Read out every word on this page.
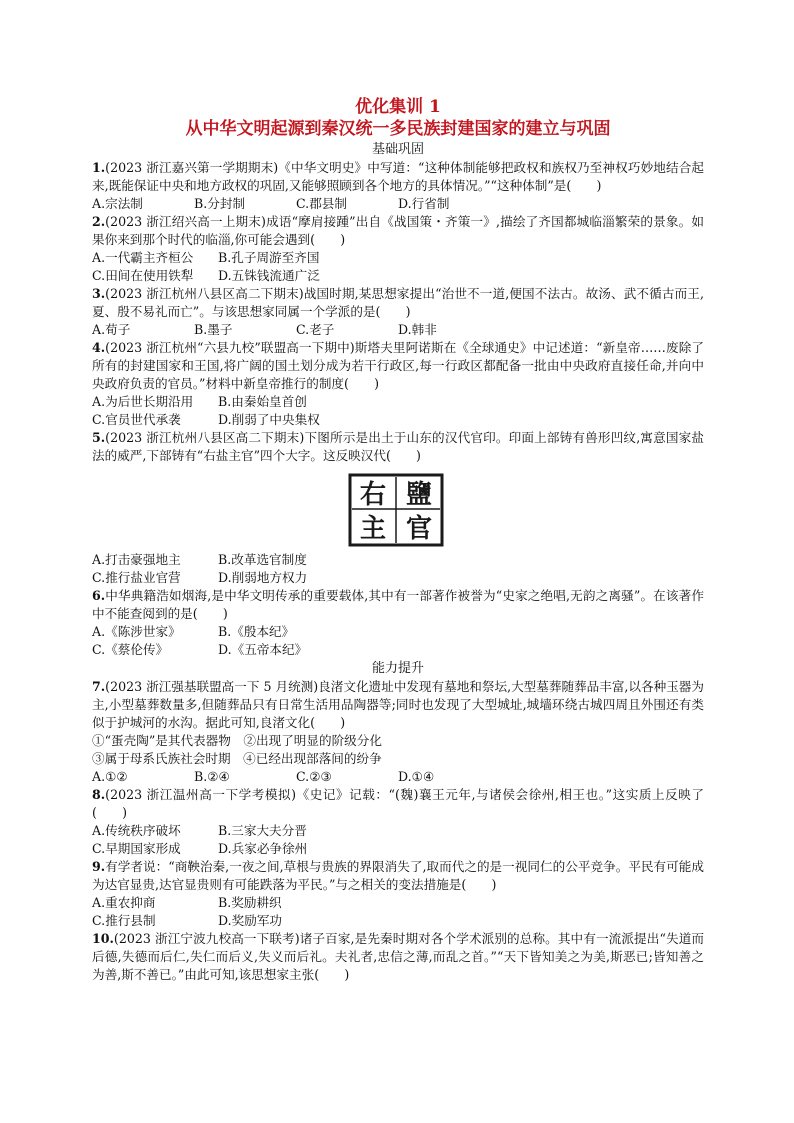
优化集训 1
从中华文明起源到秦汉统一多民族封建国家的建立与巩固
基础巩固
1.(2023 浙江嘉兴第一学期期末)《中华文明史》中写道：“这种体制能够把政权和族权乃至神权巧妙地结合起来,既能保证中央和地方政权的巩固,又能够照顾到各个地方的具体情况。”“这种体制”是(　　)
A.宗法制	B.分封制	C.郡县制	D.行省制
2.(2023 浙江绍兴高一上期末)成语“摩肩接踵”出自《战国策・齐策一》,描绘了齐国都城临淄繁荣的景象。如果你来到那个时代的临淄,你可能会遇到(　　)
A.一代霸主齐桓公	B.孔子周游至齐国
C.田间在使用铁犁	D.五铢钱流通广泛
3.(2023 浙江杭州八县区高二下期末)战国时期,某思想家提出“治世不一道,便国不法古。故汤、武不循古而王,夏、殷不易礼而亡”。与该思想家同属一个学派的是(　　)
A.荀子	B.墨子	C.老子	D.韩非
4.(2023 浙江杭州“六县九校”联盟高一下期中)斯塔夫里阿诺斯在《全球通史》中记述道：“新皇帝……废除了所有的封建国家和王国,将广阔的国土划分成为若干行政区,每一行政区都配备一批由中央政府直接任命,并向中央政府负责的官员。”材料中新皇帝推行的制度(　　)
A.为后世长期沿用	B.由秦始皇首创
C.官员世代承袭	D.削弱了中央集权
5.(2023 浙江杭州八县区高二下期末)下图所示是出土于山东的汉代官印。印面上部铸有兽形凹纹,寓意国家盐法的威严,下部铸有“右盐主官”四个大字。这反映汉代(　　)
右 鹽
主 官
A.打击豪强地主	B.改革选官制度
C.推行盐业官营	D.削弱地方权力
6.中华典籍浩如烟海,是中华文明传承的重要载体,其中有一部著作被誉为“史家之绝唱,无韵之离骚”。在该著作中不能查阅到的是(　　)
A.《陈涉世家》	B.《殷本纪》
C.《蔡伦传》	D.《五帝本纪》
能力提升
7.(2023 浙江强基联盟高一下 5 月统测)良渚文化遗址中发现有墓地和祭坛,大型墓葬随葬品丰富,以各种玉器为主,小型墓葬数量多,但随葬品只有日常生活用品陶器等;同时也发现了大型城址,城墙环绕古城四周且外围还有类似于护城河的水沟。据此可知,良渚文化(　　)
①“蛋壳陶”是其代表器物　②出现了明显的阶级分化
③属于母系氏族社会时期　④已经出现部落间的纷争
A.①②	B.②④	C.②③	D.①④
8.(2023 浙江温州高一下学考模拟)《史记》记载：“(魏)襄王元年,与诸侯会徐州,相王也。”这实质上反映了(　　)
A.传统秩序破坏	B.三家大夫分晋
C.早期国家形成	D.兵家必争徐州
9.有学者说：“商鞅治秦,一夜之间,草根与贵族的界限消失了,取而代之的是一视同仁的公平竞争。平民有可能成为达官显贵,达官显贵则有可能跌落为平民。”与之相关的变法措施是(　　)
A.重农抑商	B.奖励耕织
C.推行县制	D.奖励军功
10.(2023 浙江宁波九校高一下联考)诸子百家,是先秦时期对各个学术派别的总称。其中有一流派提出“失道而后德,失德而后仁,失仁而后义,失义而后礼。夫礼者,忠信之薄,而乱之首。”“天下皆知美之为美,斯恶已;皆知善之为善,斯不善已。”由此可知,该思想家主张(　　)
